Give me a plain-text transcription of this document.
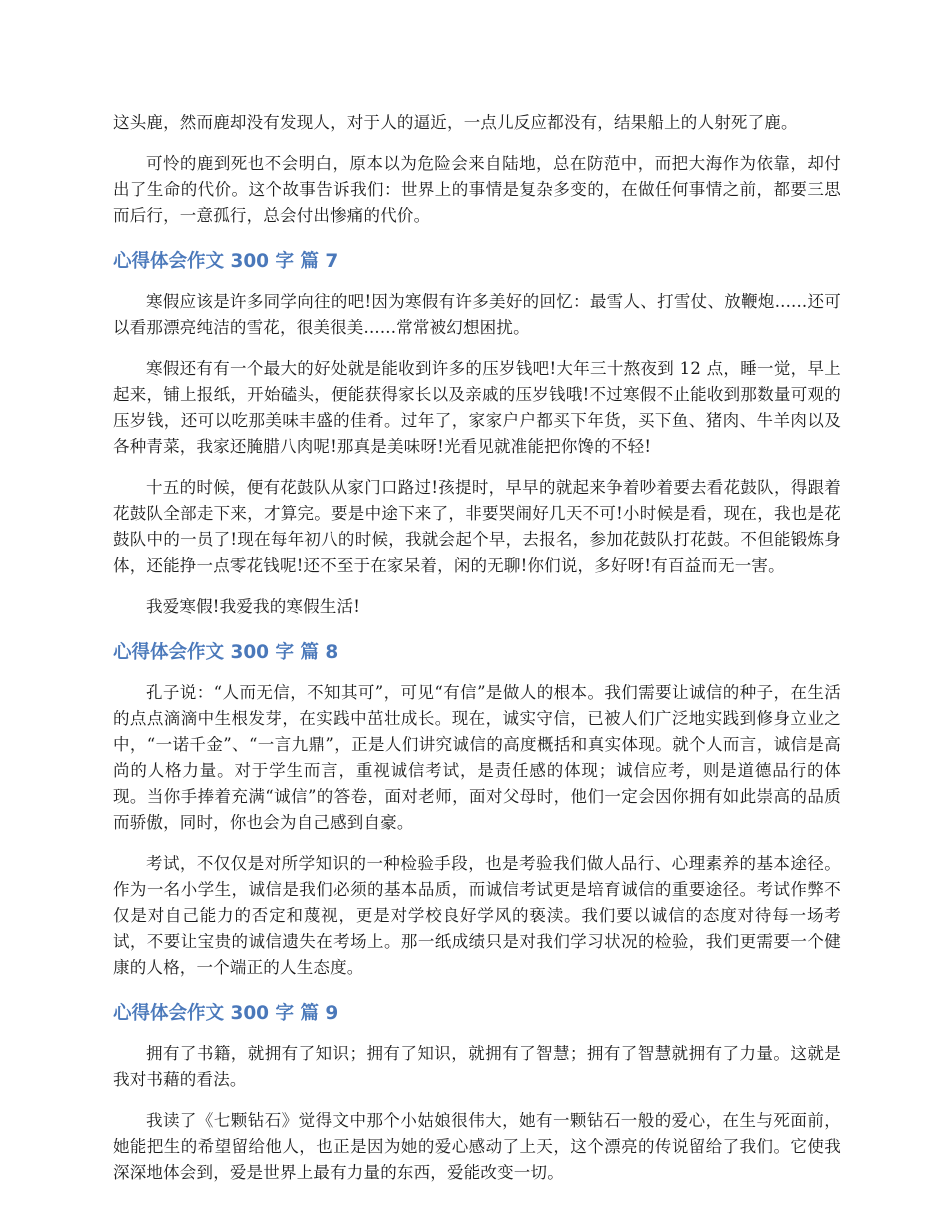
这头鹿，然而鹿却没有发现人，对于人的逼近，一点儿反应都没有，结果船上的人射死了鹿。

可怜的鹿到死也不会明白，原本以为危险会来自陆地，总在防范中，而把大海作为依靠，却付出了生命的代价。这个故事告诉我们：世界上的事情是复杂多变的，在做任何事情之前，都要三思而后行，一意孤行，总会付出惨痛的代价。

心得体会作文 300 字 篇 7

寒假应该是许多同学向往的吧!因为寒假有许多美好的回忆：最雪人、打雪仗、放鞭炮......还可以看那漂亮纯洁的雪花，很美很美......常常被幻想困扰。

寒假还有有一个最大的好处就是能收到许多的压岁钱吧!大年三十熬夜到 12 点，睡一觉，早上起来，铺上报纸，开始磕头，便能获得家长以及亲戚的压岁钱哦!不过寒假不止能收到那数量可观的压岁钱，还可以吃那美味丰盛的佳肴。过年了，家家户户都买下年货，买下鱼、猪肉、牛羊肉以及各种青菜，我家还腌腊八肉呢!那真是美味呀!光看见就准能把你馋的不轻!

十五的时候，便有花鼓队从家门口路过!孩提时，早早的就起来争着吵着要去看花鼓队，得跟着花鼓队全部走下来，才算完。要是中途下来了，非要哭闹好几天不可!小时候是看，现在，我也是花鼓队中的一员了!现在每年初八的时候，我就会起个早，去报名，参加花鼓队打花鼓。不但能锻炼身体，还能挣一点零花钱呢!还不至于在家呆着，闲的无聊!你们说，多好呀!有百益而无一害。

我爱寒假!我爱我的寒假生活!

心得体会作文 300 字 篇 8

孔子说：“人而无信，不知其可”，可见“有信”是做人的根本。我们需要让诚信的种子，在生活的点点滴滴中生根发芽，在实践中茁壮成长。现在，诚实守信，已被人们广泛地实践到修身立业之中，“一诺千金”、“一言九鼎”，正是人们讲究诚信的高度概括和真实体现。就个人而言，诚信是高尚的人格力量。对于学生而言，重视诚信考试，是责任感的体现；诚信应考，则是道德品行的体现。当你手捧着充满“诚信”的答卷，面对老师，面对父母时，他们一定会因你拥有如此崇高的品质而骄傲，同时，你也会为自己感到自豪。

考试，不仅仅是对所学知识的一种检验手段，也是考验我们做人品行、心理素养的基本途径。作为一名小学生，诚信是我们必须的基本品质，而诚信考试更是培育诚信的重要途径。考试作弊不仅是对自己能力的否定和蔑视，更是对学校良好学风的亵渎。我们要以诚信的态度对待每一场考试，不要让宝贵的诚信遗失在考场上。那一纸成绩只是对我们学习状况的检验，我们更需要一个健康的人格，一个端正的人生态度。

心得体会作文 300 字 篇 9

拥有了书籍，就拥有了知识；拥有了知识，就拥有了智慧；拥有了智慧就拥有了力量。这就是我对书藉的看法。

我读了《七颗钻石》觉得文中那个小姑娘很伟大，她有一颗钻石一般的爱心，在生与死面前，她能把生的希望留给他人，也正是因为她的爱心感动了上天，这个漂亮的传说留给了我们。它使我深深地体会到，爱是世界上最有力量的东西，爱能改变一切。
